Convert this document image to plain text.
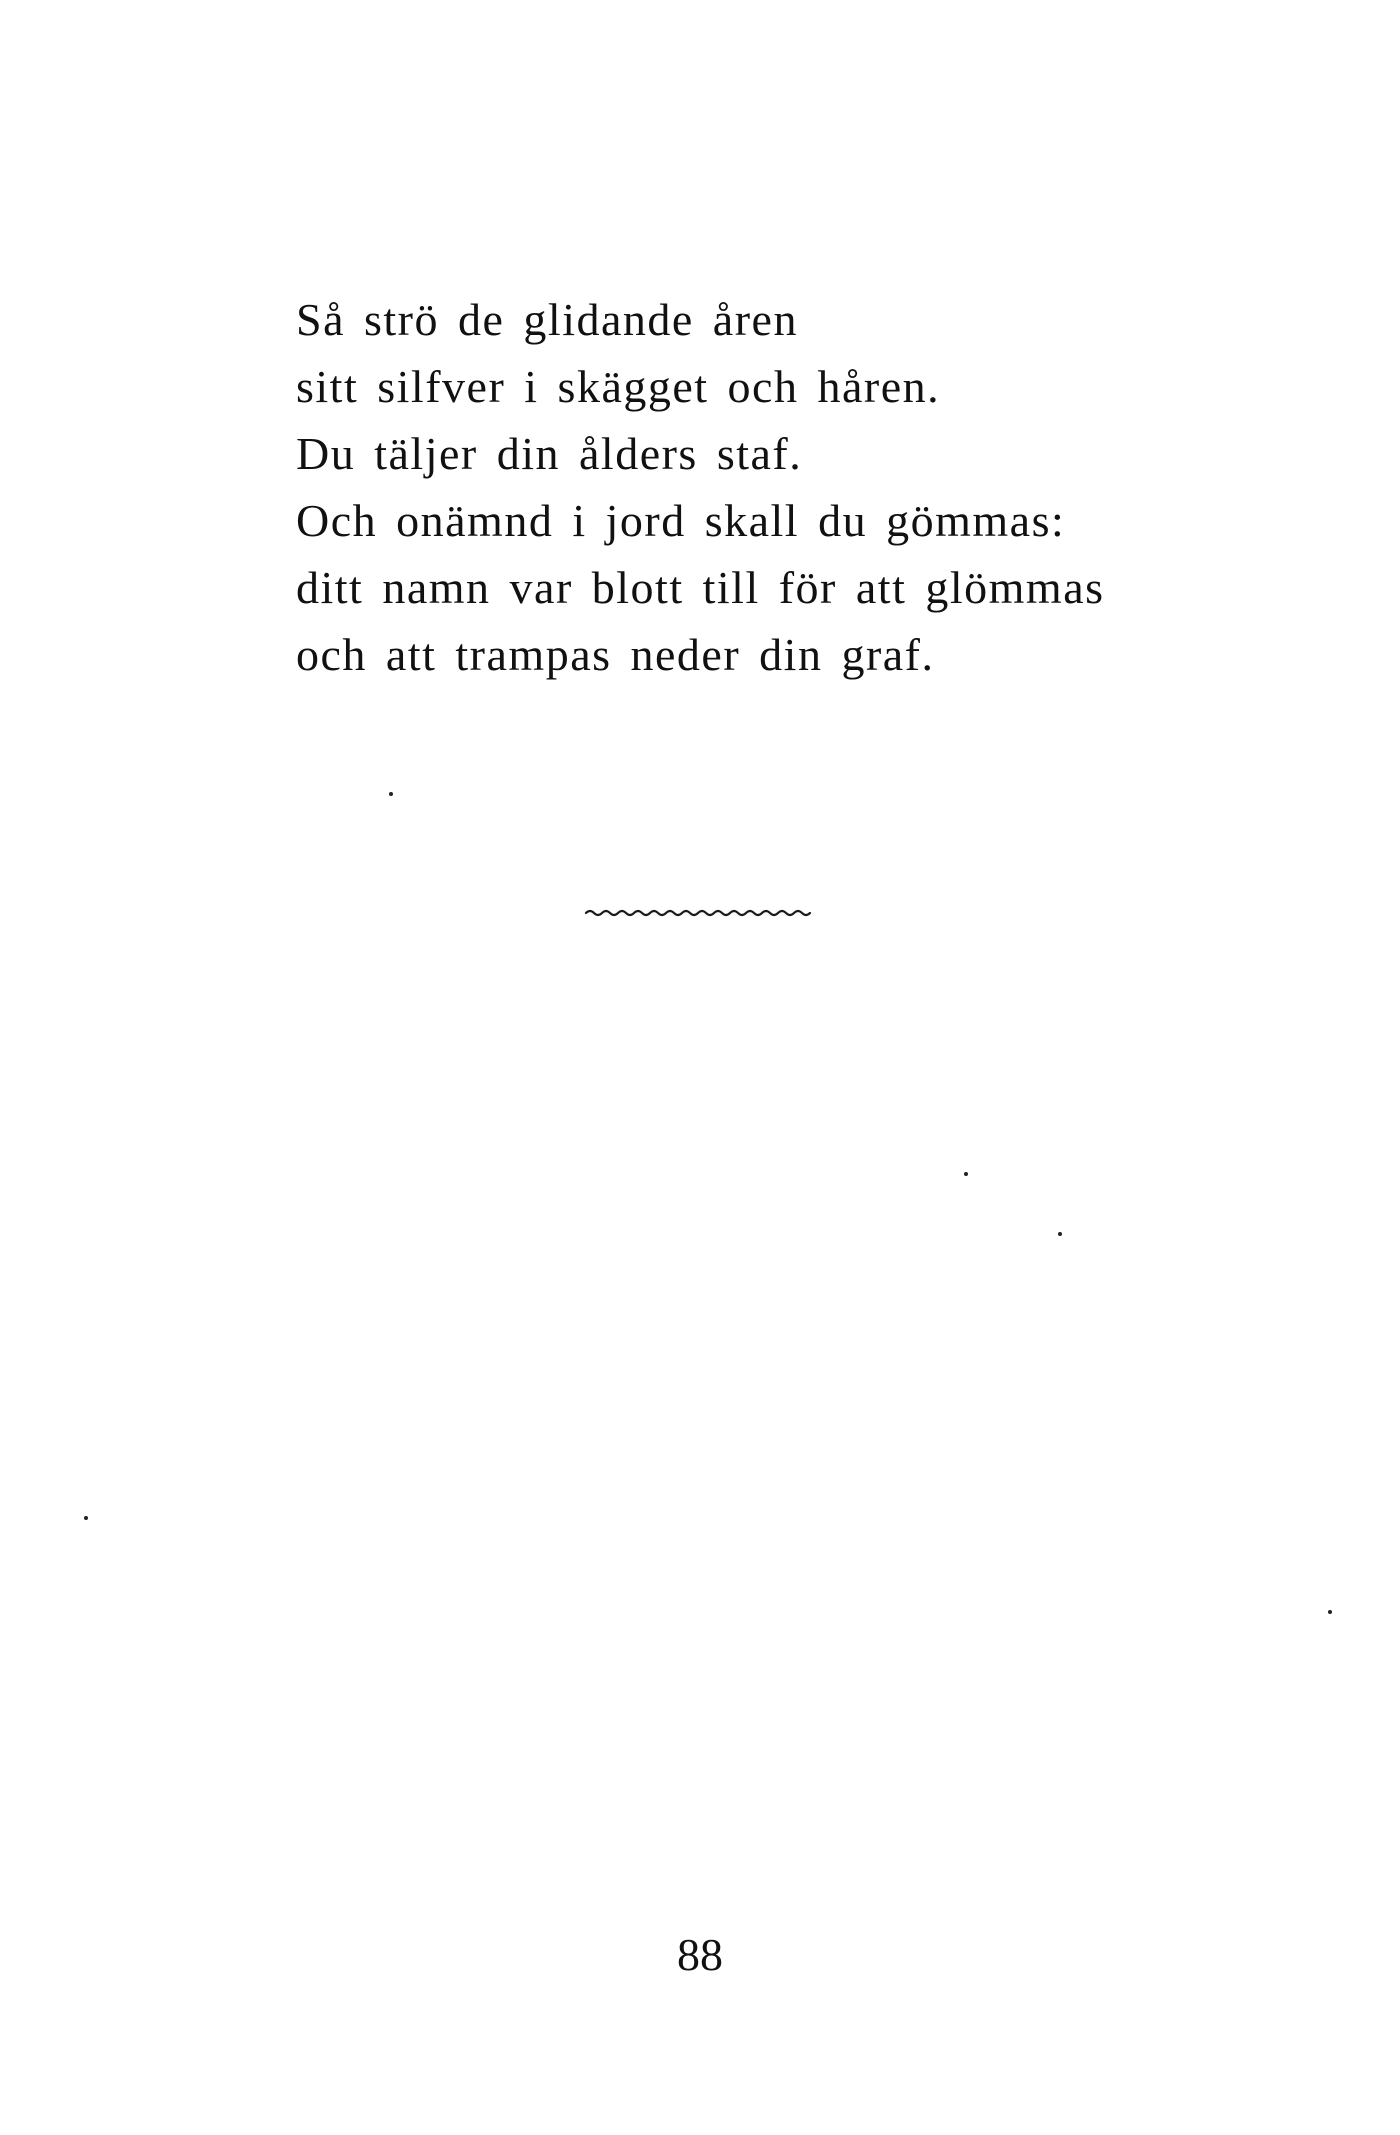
Så strö de glidande åren
sitt silfver i skägget och håren.
Du täljer din ålders staf.
Och onämnd i jord skall du gömmas:
ditt namn var blott till för att glömmas
och att trampas neder din graf.
88
